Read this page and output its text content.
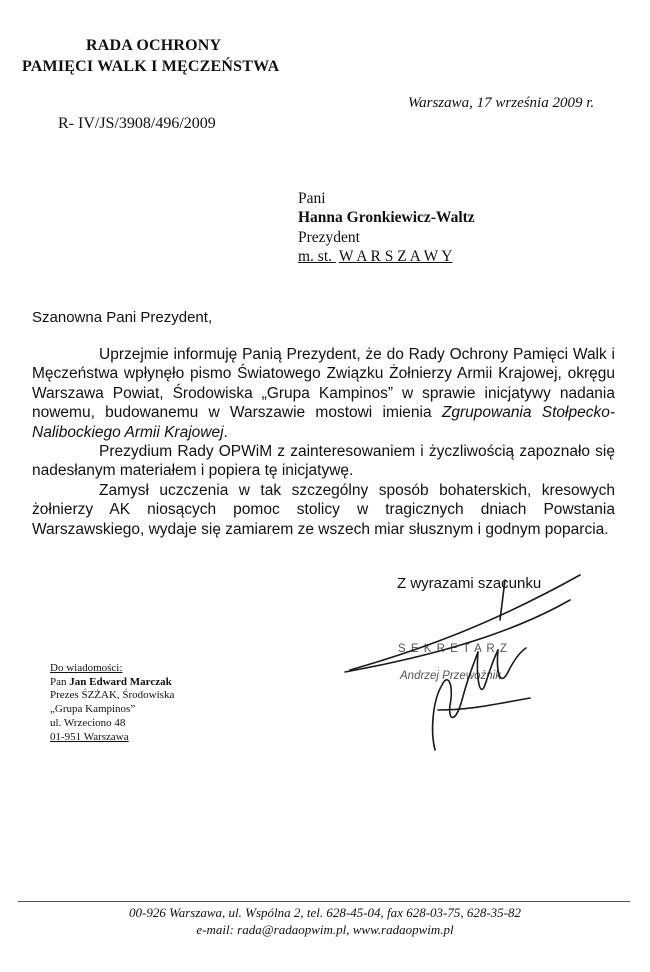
RADA OCHRONY
PAMIĘCI WALK I MĘCZEŃSTWA
Warszawa, 17 września 2009 r.
R- IV/JS/3908/496/2009
Pani
Hanna Gronkiewicz-Waltz
Prezydent
m. st. W A R S Z A W Y
Szanowna Pani Prezydent,

Uprzejmie informuję Panią Prezydent, że do Rady Ochrony Pamięci Walk i Męczeństwa wpłynęło pismo Światowego Związku Żołnierzy Armii Krajowej, okręgu Warszawa Powiat, Środowiska „Grupa Kampinos” w sprawie inicjatywy nadania nowemu, budowanemu w Warszawie mostowi imienia Zgrupowania Stołpecko-Nalibockiego Armii Krajowej.

Prezydium Rady OPWiM z zainteresowaniem i życzliwością zapoznało się nadesłanym materiałem i popiera tę inicjatywę.

Zamysł uczczenia w tak szczególny sposób bohaterskich, kresowych żołnierzy AK niosących pomoc stolicy w tragicznych dniach Powstania Warszawskiego, wydaje się zamiarem ze wszech miar słusznym i godnym poparcia.

Z wyrazami szacunku
S E K R E T A R Z
Andrzej Przewoźnik
Do wiadomości:
Pan Jan Edward Marczak
Prezes ŚZŻAK, Środowiska
„Grupa Kampinos”
ul. Wrzeciono 48
01-951 Warszawa
00-926 Warszawa, ul. Wspólna 2, tel. 628-45-04, fax 628-03-75, 628-35-82
e-mail: rada@radaopwim.pl, www.radaopwim.pl
